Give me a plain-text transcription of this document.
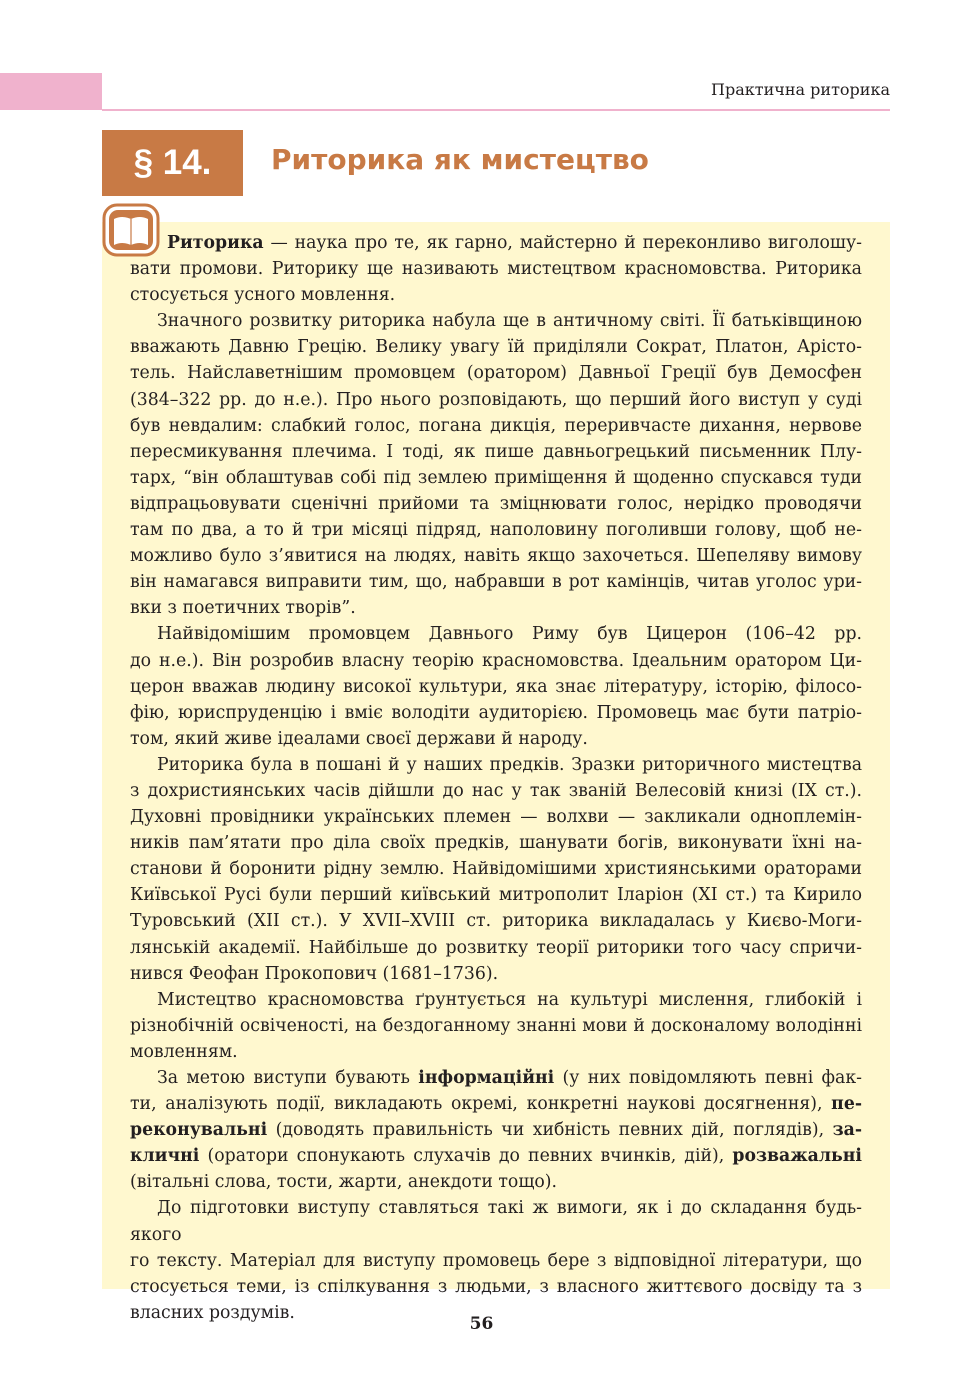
Практична риторика
§ 14.	Риторика як мистецтво

Риторика — наука про те, як гарно, майстерно й переконливо виголошу-

вати промови. Риторику ще називають мистецтвом красномовства. Риторика

стосується усного мовлення.

Значного розвитку риторика набула ще в античному світі. Її батьківщиною

вважають Давню Грецію. Велику увагу їй приділяли Сократ, Платон, Арісто-

тель. Найславетнішим промовцем (оратором) Давньої Греції був Демосфен

(384–322 рр. до н.е.). Про нього розповідають, що перший його виступ у суді

був невдалим: слабкий голос, погана дикція, переривчасте дихання, нервове

пересмикування плечима. І тоді, як пише давньогрецький письменник Плу-

тарх, “він облаштував собі під землею приміщення й щоденно спускався туди

відпрацьовувати сценічні прийоми та зміцнювати голос, нерідко проводячи

там по два, а то й три місяці підряд, наполовину поголивши голову, щоб не-

можливо було з’явитися на людях, навіть якщо захочеться. Шепеляву вимову

він намагався виправити тим, що, набравши в рот камінців, читав уголос ури-

вки з поетичних творів”.

Найвідомішим промовцем Давнього Риму був Цицерон (106–42 рр.

до н.е.). Він розробив власну теорію красномовства. Ідеальним оратором Ци-

церон вважав людину високої культури, яка знає літературу, історію, філосо-

фію, юриспруденцію і вміє володіти аудиторією. Промовець має бути патріо-

том, який живе ідеалами своєї держави й народу.

Риторика була в пошані й у наших предків. Зразки риторичного мистецтва

з дохристиянських часів дійшли до нас у так званій Велесовій книзі (IX ст.).

Духовні провідники українських племен — волхви — закликали одноплемін-

ників пам’ятати про діла своїх предків, шанувати богів, виконувати їхні на-

станови й боронити рідну землю. Найвідомішими християнськими ораторами

Київської Русі були перший київський митрополит Іларіон (XI ст.) та Кирило

Туровський (XII ст.). У XVII–XVIII ст. риторика викладалась у Києво-Моги-

лянській академії. Найбільше до розвитку теорії риторики того часу спричи-

нився Феофан Прокопович (1681–1736).

Мистецтво красномовства ґрунтується на культурі мислення, глибокій і

різнобічній освіченості, на бездоганному знанні мови й досконалому володінні

мовленням.

За метою виступи бувають інформаційні (у них повідомляють певні фак-

ти, аналізують події, викладають окремі, конкретні наукові досягнення), пе-

реконувальні (доводять правильність чи хибність певних дій, поглядів), за-

кличні (оратори спонукають слухачів до певних вчинків, дій), розважальні

(вітальні слова, тости, жарти, анекдоти тощо).

До підготовки виступу ставляться такі ж вимоги, як і до складання будь-якого

го тексту. Матеріал для виступу промовець бере з відповідної літератури, що

стосується теми, із спілкування з людьми, з власного життєвого досвіду та з

власних роздумів.

56
